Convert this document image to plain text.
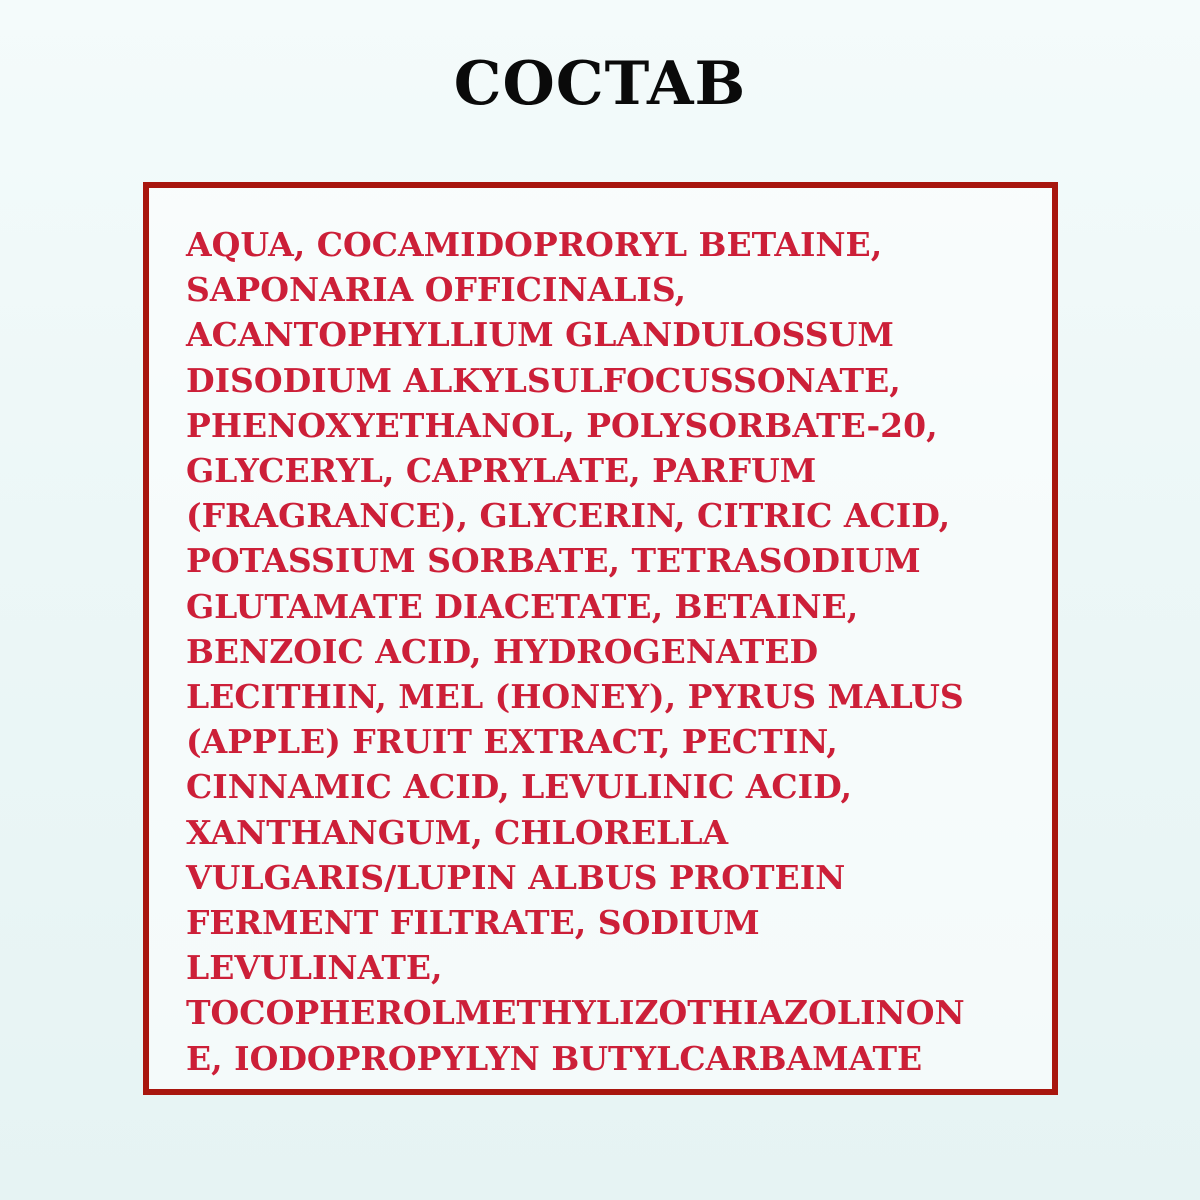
COCTAB

AQUA, COCAMIDOPRORYL BETAINE,
SAPONARIA OFFICINALIS,
ACANTOPHYLLIUM GLANDULOSSUM
DISODIUM ALKYLSULFOCUSSONATE,
PHENOXYETHANOL, POLYSORBATE-20,
GLYCERYL, CAPRYLATE, PARFUM
(FRAGRANCE), GLYCERIN, CITRIC ACID,
POTASSIUM SORBATE, TETRASODIUM
GLUTAMATE DIACETATE, BETAINE,
BENZOIC ACID, HYDROGENATED
LECITHIN, MEL (HONEY), PYRUS MALUS
(APPLE) FRUIT EXTRACT, PECTIN,
CINNAMIC ACID, LEVULINIC ACID,
XANTHANGUM, CHLORELLA
VULGARIS/LUPIN ALBUS PROTEIN
FERMENT FILTRATE, SODIUM
LEVULINATE,
TOCOPHEROLMETHYLIZOTHIAZOLINON
E, IODOPROPYLYN BUTYLCARBAMATE
